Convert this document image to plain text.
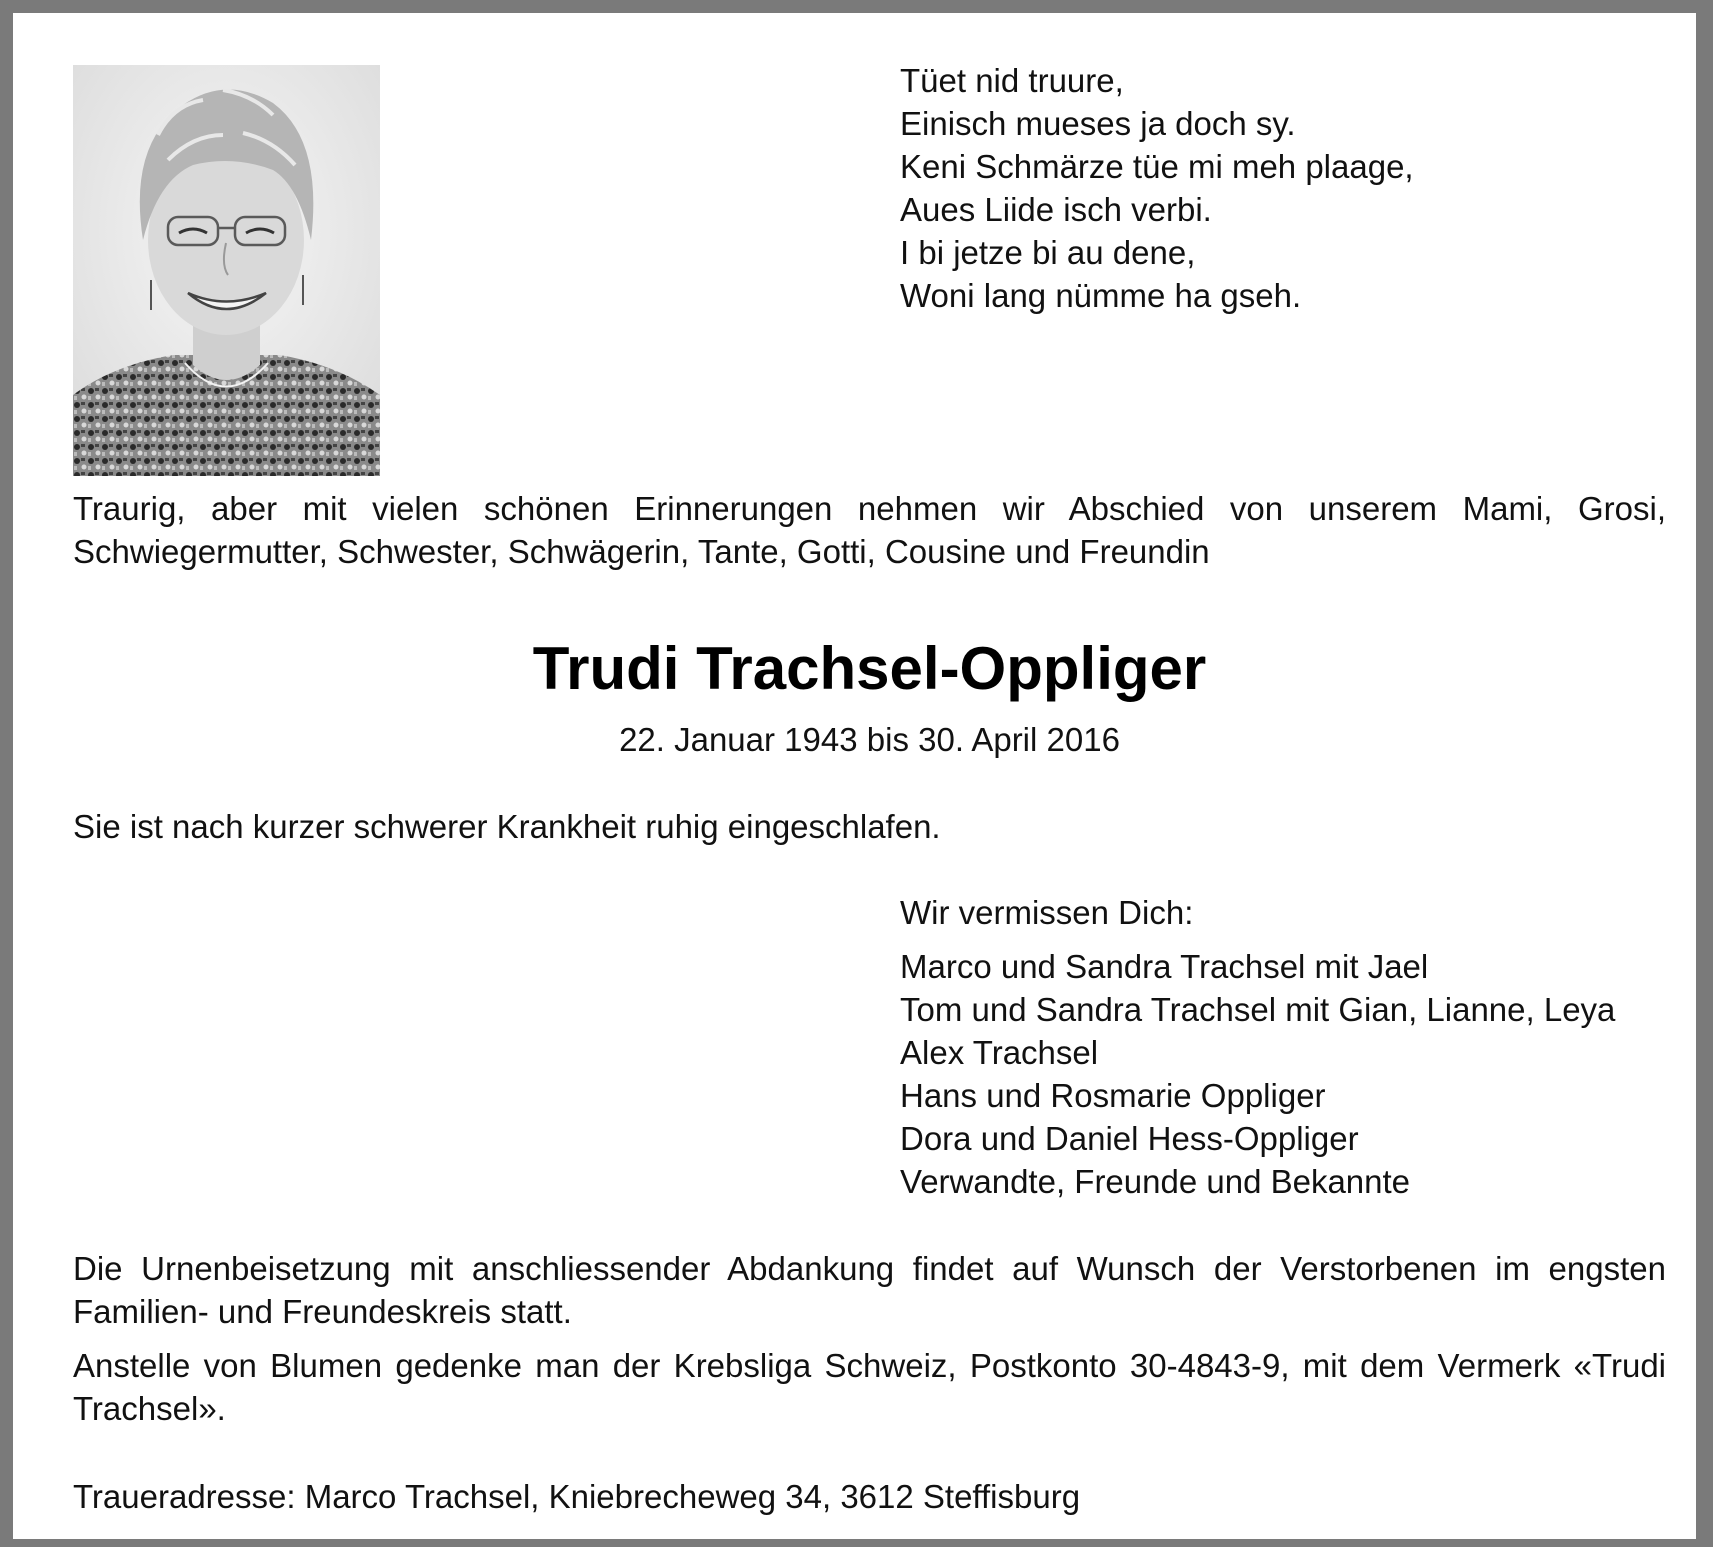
Tüet nid truure,
Einisch mueses ja doch sy.
Keni Schmärze tüe mi meh plaage,
Aues Liide isch verbi.
I bi jetze bi au dene,
Woni lang nümme ha gseh.

Traurig, aber mit vielen schönen Erinnerungen nehmen wir Abschied von unserem Mami, Grosi, Schwiegermutter, Schwester, Schwägerin, Tante, Gotti, Cousine und Freundin

Trudi Trachsel-Oppliger

22. Januar 1943 bis 30. April 2016

Sie ist nach kurzer schwerer Krankheit ruhig eingeschlafen.

Wir vermissen Dich:

Marco und Sandra Trachsel mit Jael
Tom und Sandra Trachsel mit Gian, Lianne, Leya
Alex Trachsel
Hans und Rosmarie Oppliger
Dora und Daniel Hess-Oppliger
Verwandte, Freunde und Bekannte

Die Urnenbeisetzung mit anschliessender Abdankung findet auf Wunsch der Verstorbenen im engsten Familien- und Freundeskreis statt.

Anstelle von Blumen gedenke man der Krebsliga Schweiz, Postkonto 30-4843-9, mit dem Vermerk «Trudi Trachsel».

Traueradresse: Marco Trachsel, Kniebrecheweg 34, 3612 Steffisburg
